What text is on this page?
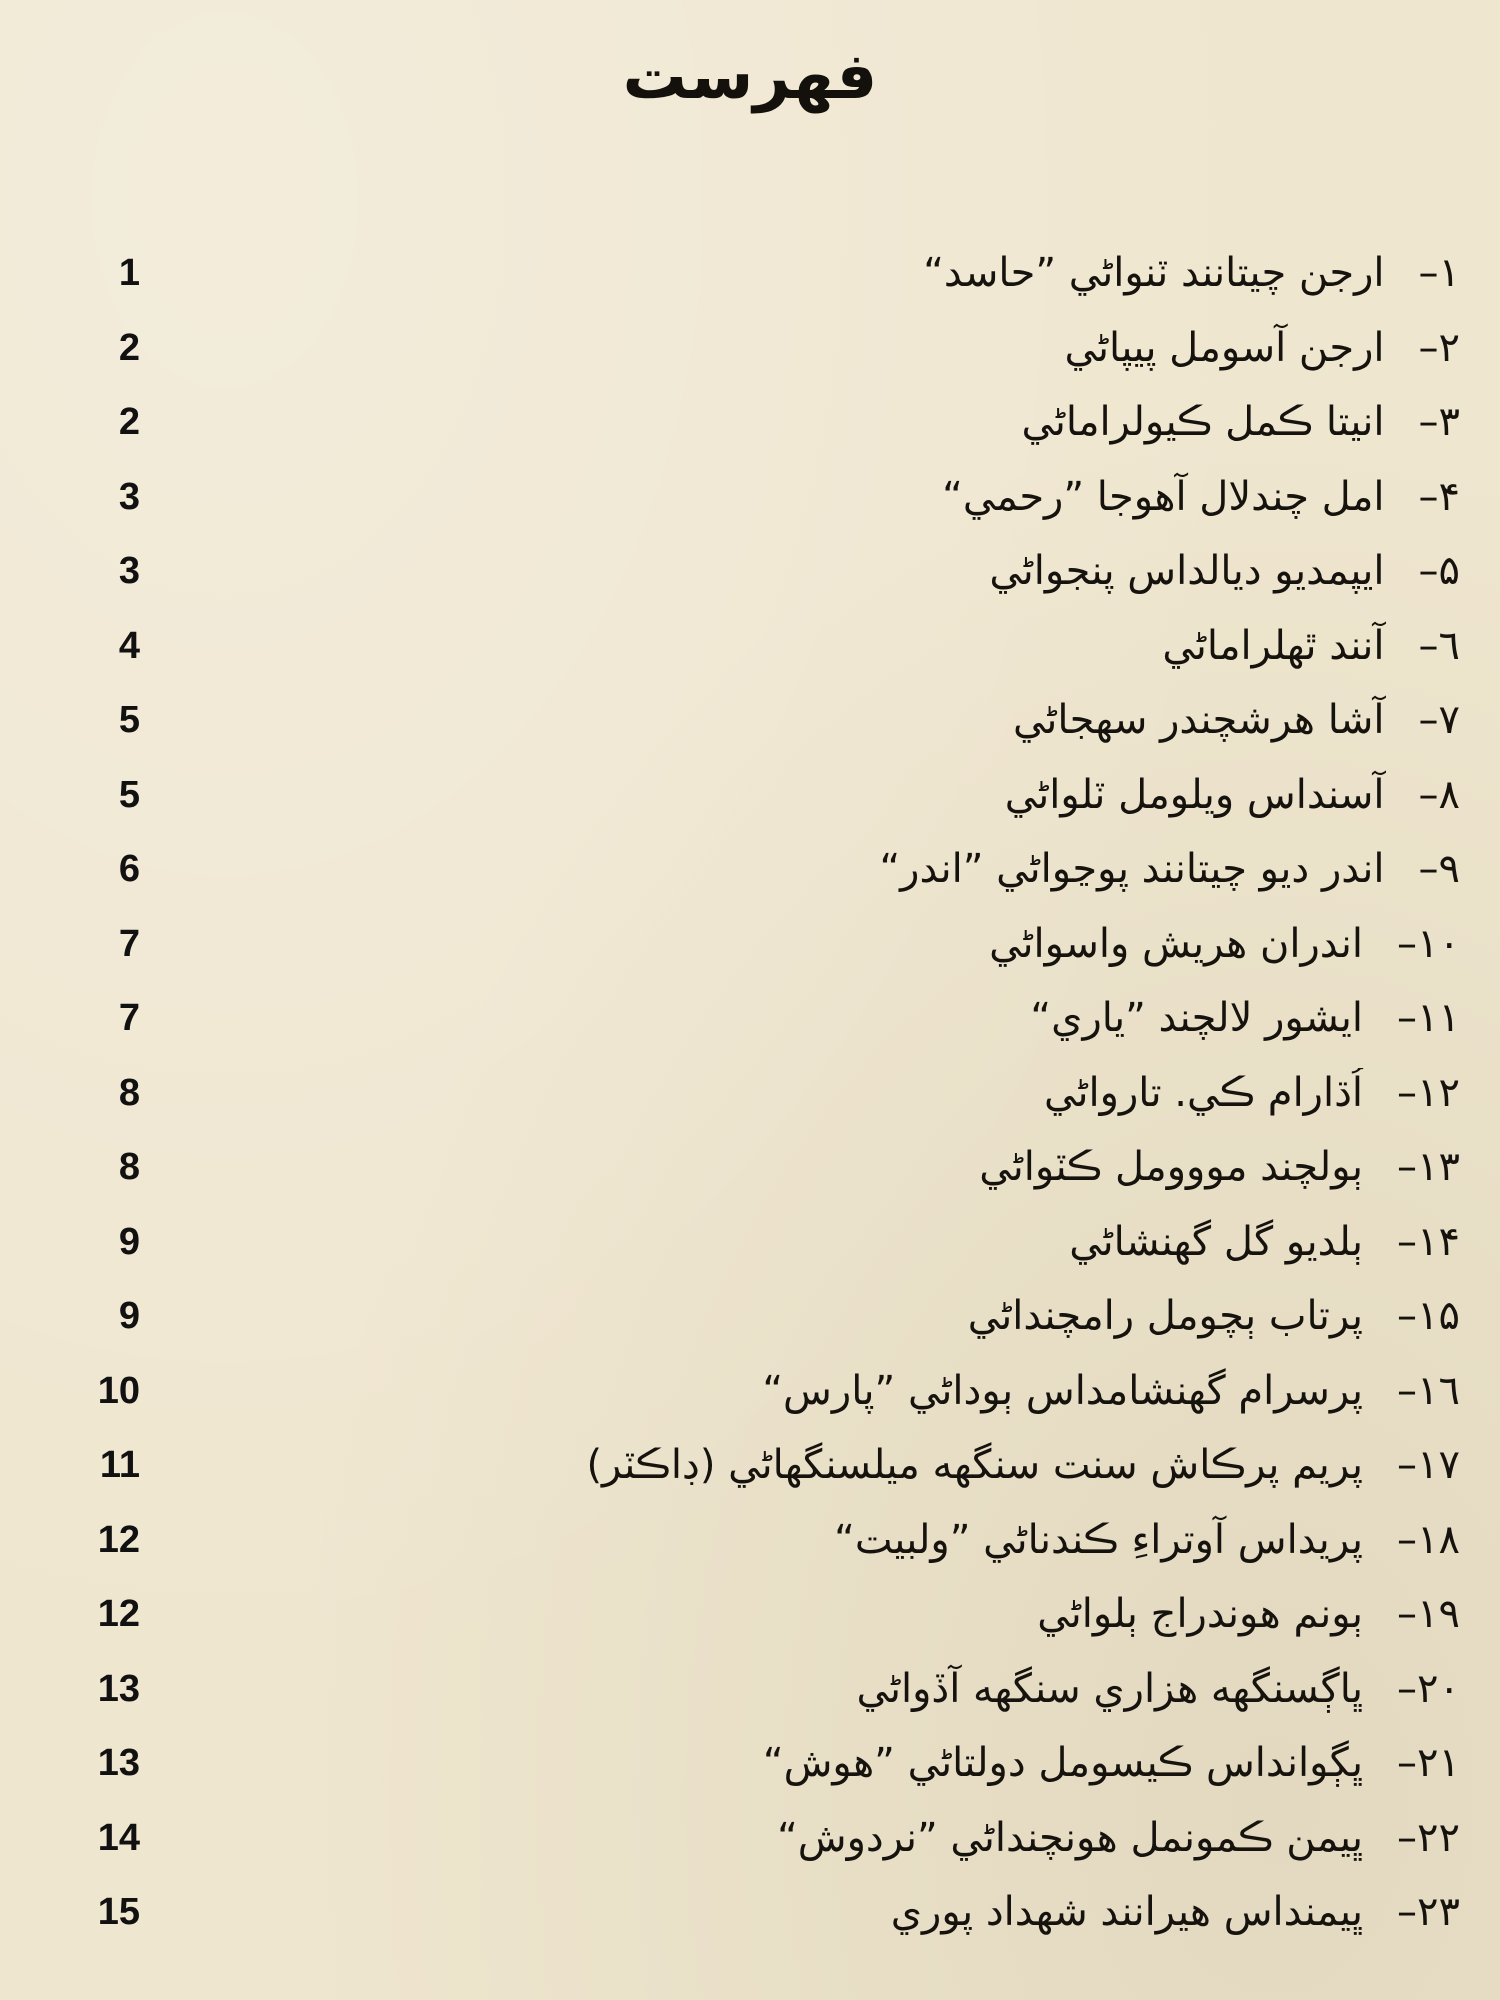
فهرست
1	١–ارجن چيتانند ٽنواڻي ”حاسد“
2	٢–ارجن آسومل پيپاڻي
2	٣–انيتا ڪمل ڪيولراماڻي
3	۴–امل چندلال آهوجا ”رحمي“
3	۵–ايپمديو ديالداس پنجواڻي
4	٦–آنند ٿهلراماڻي
5	٧–آشا هرشچندر سهجاڻي
5	٨–آسنداس ويلومل ٽلواڻي
6	٩–اندر ديو چيتانند پوڃواڻي ”اندر“
7	١٠–اندران هريش واسواڻي
7	١١–ايشور لالچند ”ياري“
8	١٢–اُڌارام ڪي. تارواڻي
8	١٣–ٻولچند مووومل ڪٽواڻي
9	١۴–ٻلديو گل گهنشاڻي
9	١۵–پرتاب ٻچومل رامچنداڻي
10	١٦–پرسرام گهنشامداس ٻوداڻي ”پارس“
11	١٧–پريم پرڪاش سنت سنگهه ميلسنگهاڻي (ڊاڪٽر)
12	١٨–پريداس آوتراءِ ڪندناڻي ”ولبيت“
12	١٩–ٻونم هوندراج ٻلواڻي
13	٢٠–ڀاڳسنگهه هزاري سنگهه آڏواڻي
13	٢١–ڀڳوانداس ڪيسومل دولتاڻي ”هوش“
14	٢٢–ڀيمن ڪمونمل هونچنداڻي ”نردوش“
15	٢٣–ڀيمنداس هيرانند شهداد پوري
